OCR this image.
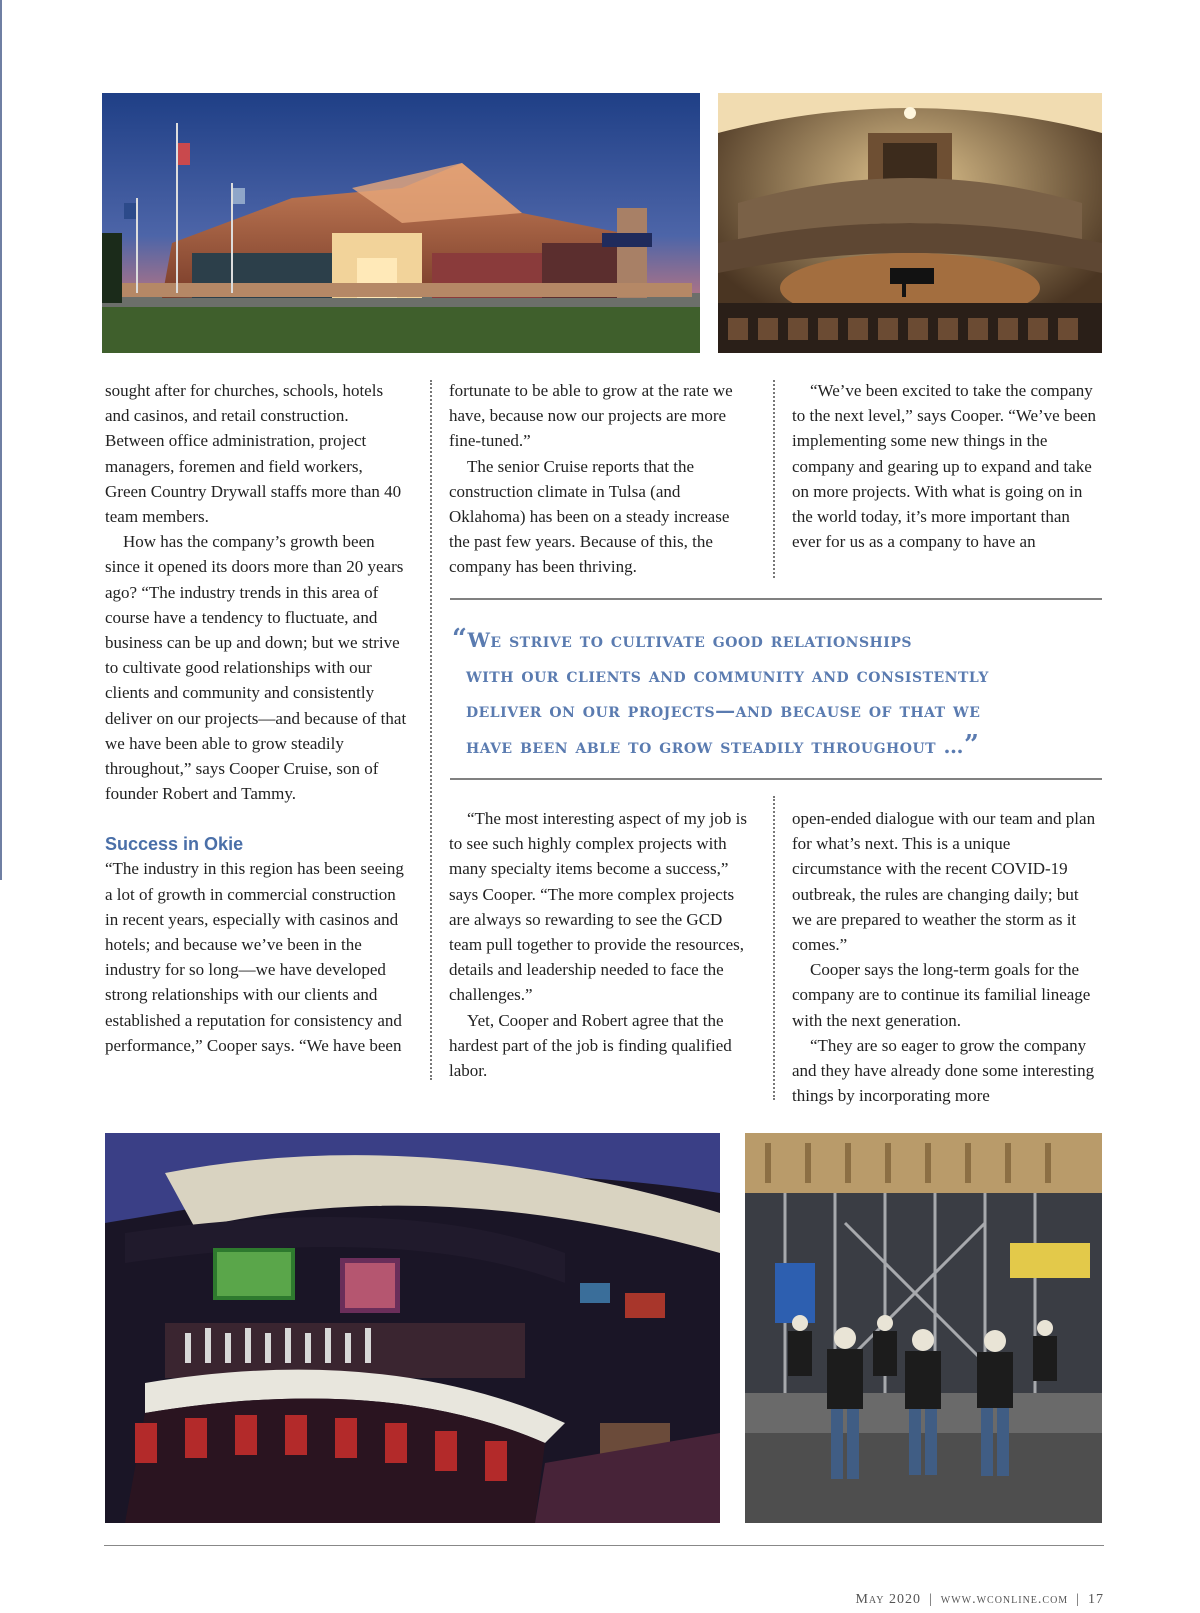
sought after for churches, schools, hotels and casinos, and retail construction. Between office administration, project managers, foremen and field workers, Green Country Drywall staffs more than 40 team members.

How has the company’s growth been since it opened its doors more than 20 years ago? “The industry trends in this area of course have a tendency to fluctuate, and business can be up and down; but we strive to cultivate good relationships with our clients and community and consistently deliver on our projects—and because of that we have been able to grow steadily throughout,” says Cooper Cruise, son of founder Robert and Tammy.

Success in Okie

“The industry in this region has been seeing a lot of growth in commercial construction in recent years, especially with casinos and hotels; and because we’ve been in the industry for so long—we have developed strong relationships with our clients and established a reputation for consistency and performance,” Cooper says. “We have been

fortunate to be able to grow at the rate we have, because now our projects are more fine-tuned.”

The senior Cruise reports that the construction climate in Tulsa (and Oklahoma) has been on a steady increase the past few years. Because of this, the company has been thriving.

“We’ve been excited to take the company to the next level,” says Cooper. “We’ve been implementing some new things in the company and gearing up to expand and take on more projects. With what is going on in the world today, it’s more important than ever for us as a company to have an

“We strive to cultivate good relationships
with our clients and community and consistently
deliver on our projects—and because of that we
have been able to grow steadily throughout …”

“The most interesting aspect of my job is to see such highly complex projects with many specialty items become a success,” says Cooper. “The more complex projects are always so rewarding to see the GCD team pull together to provide the resources, details and leadership needed to face the challenges.”

Yet, Cooper and Robert agree that the hardest part of the job is finding qualified labor.

open-ended dialogue with our team and plan for what’s next. This is a unique circumstance with the recent COVID-19 outbreak, the rules are changing daily; but we are prepared to weather the storm as it comes.”

Cooper says the long-term goals for the company are to continue its familial lineage with the next generation.

“They are so eager to grow the company and they have already done some interesting things by incorporating more

May 2020 | www.wconline.com | 17
